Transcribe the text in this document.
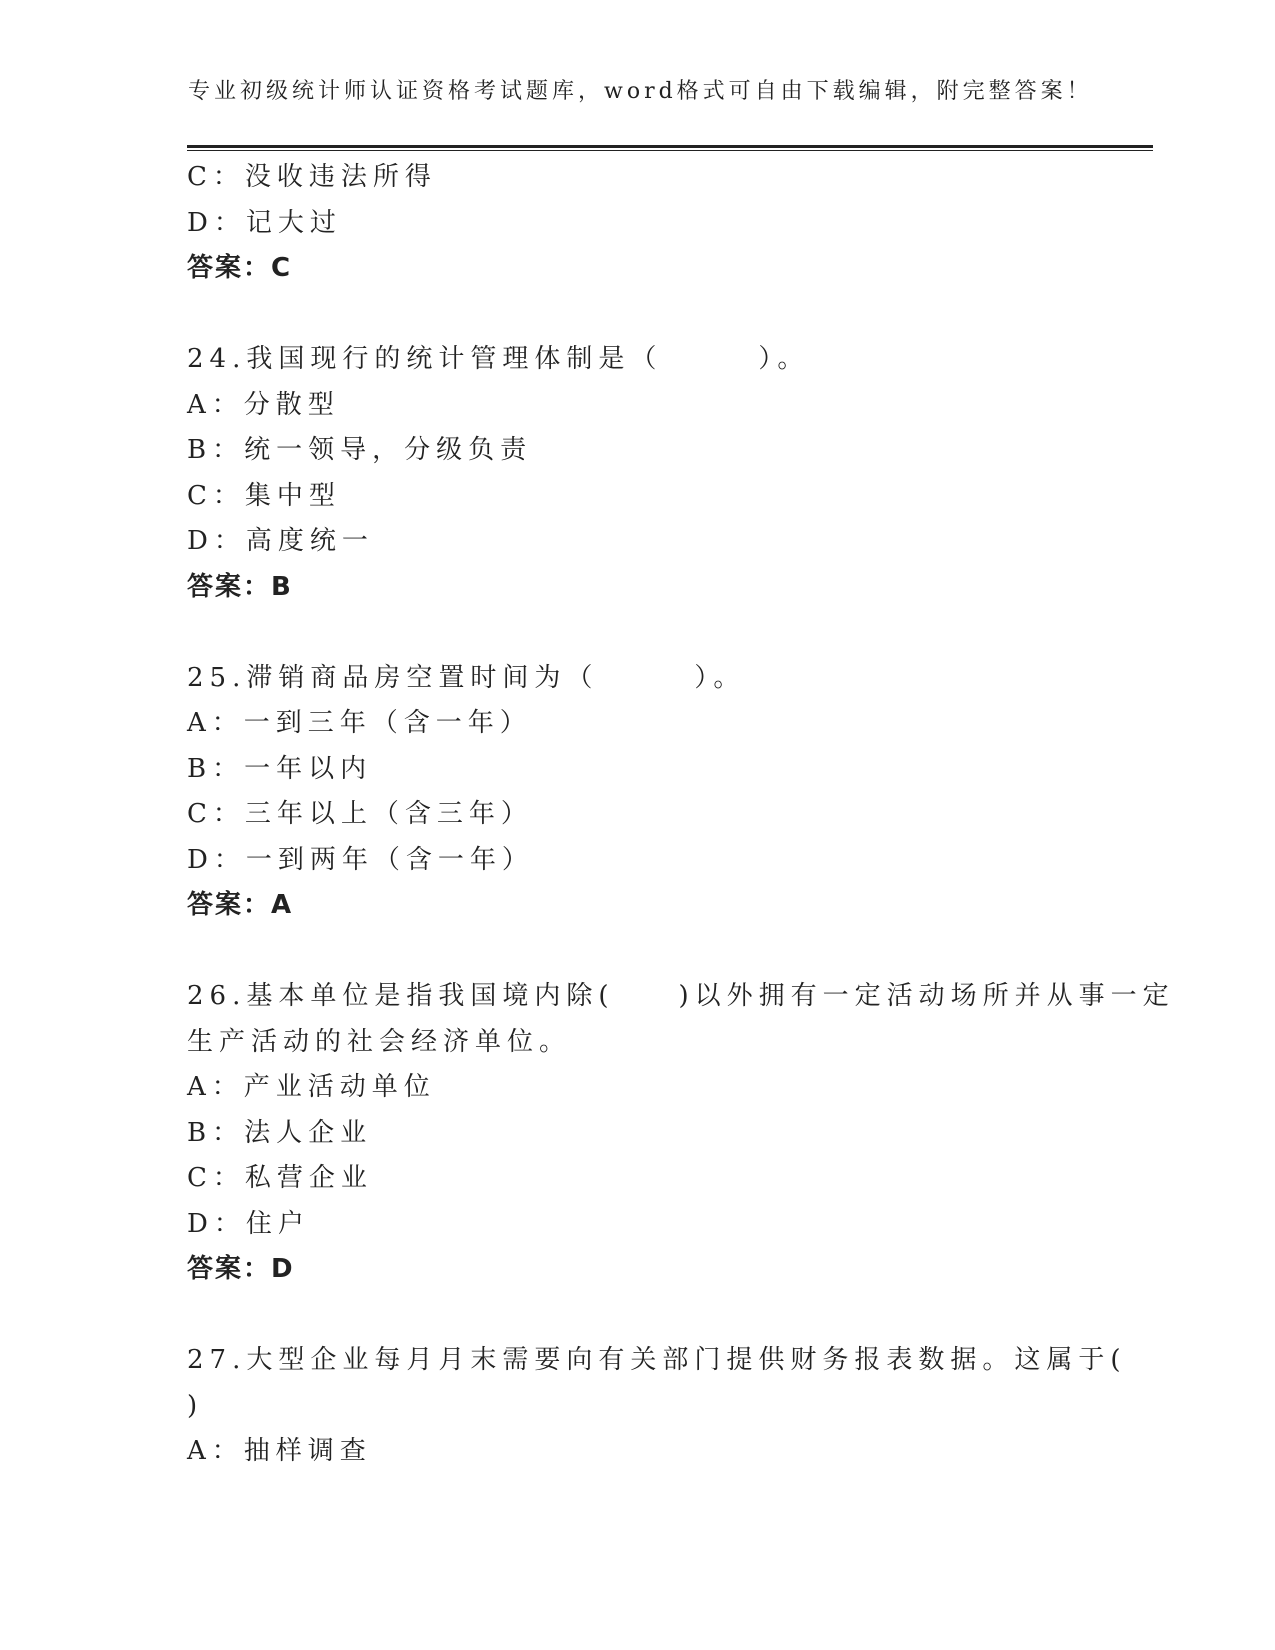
专业初级统计师认证资格考试题库，word格式可自由下载编辑，附完整答案！
C：没收违法所得
D：记大过
答案：C
24.我国现行的统计管理体制是（　　　）。
A：分散型
B：统一领导，分级负责
C：集中型
D：高度统一
答案：B
25.滞销商品房空置时间为（　　　）。
A：一到三年（含一年）
B：一年以内
C：三年以上（含三年）
D：一到两年（含一年）
答案：A
26.基本单位是指我国境内除(　　)以外拥有一定活动场所并从事一定
生产活动的社会经济单位。
A：产业活动单位
B：法人企业
C：私营企业
D：住户
答案：D
27.大型企业每月月末需要向有关部门提供财务报表数据。这属于(
)
A：抽样调查
